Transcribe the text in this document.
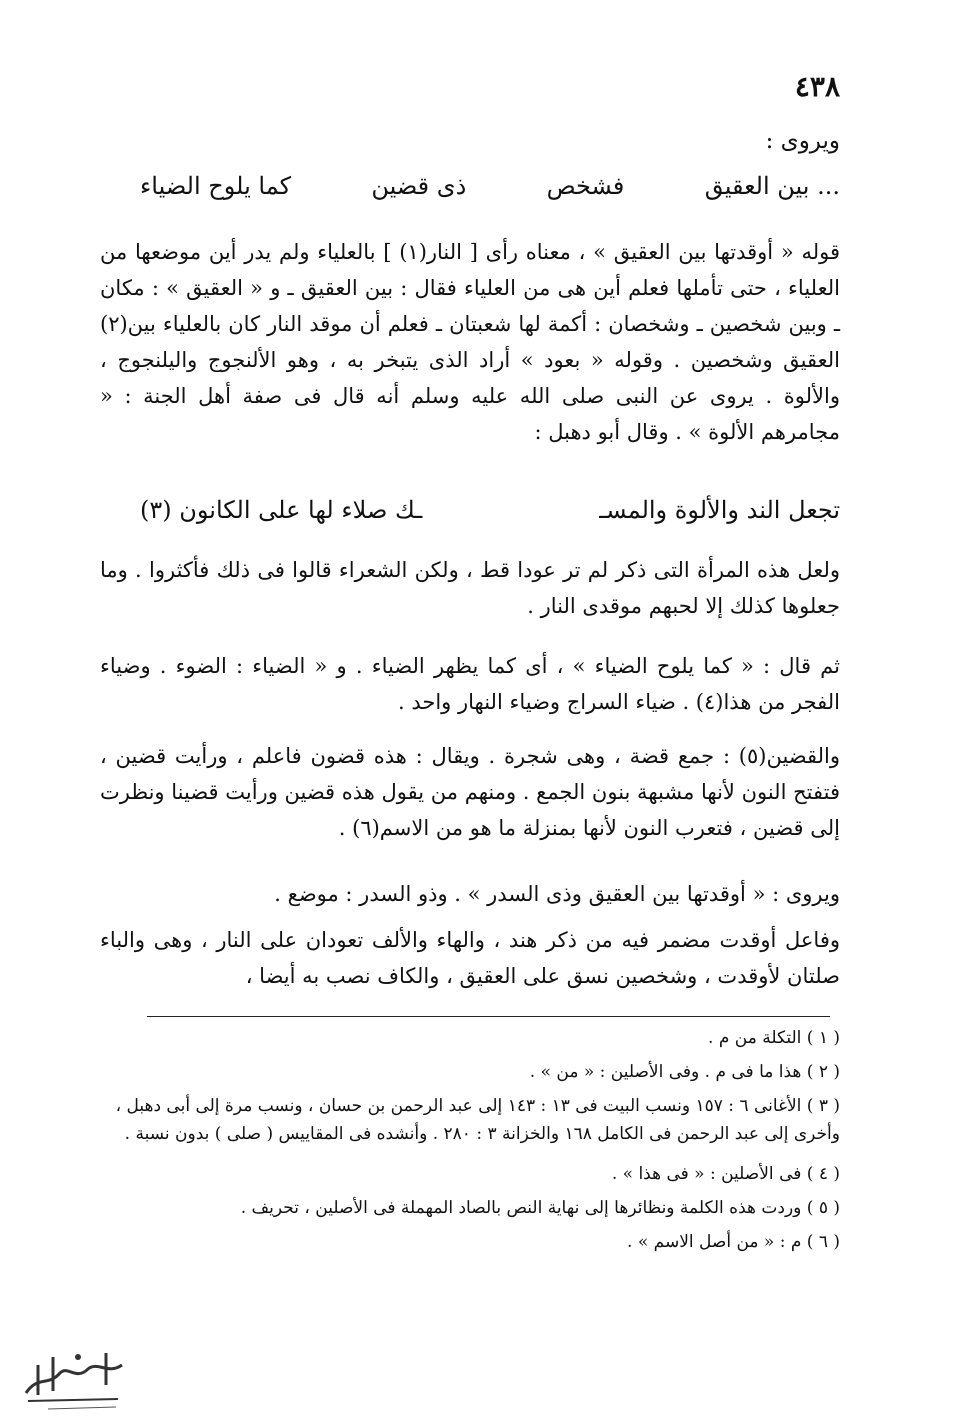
٤٣٨
ويروى :
... بين العقيق
فشخص
ذى قضين
كما يلوح الضياء
قوله « أوقدتها بين العقيق » ، معناه رأى [ النار(١) ] بالعلياء ولم يدر أين موضعها من العلياء ، حتى تأملها فعلم أين هى من العلياء فقال : بين العقيق ـ و « العقيق » : مكان ـ وبين شخصين ـ وشخصان : أكمة لها شعبتان ـ فعلم أن موقد النار كان بالعلياء بين(٢) العقيق وشخصين . وقوله « بعود » أراد الذى يتبخر به ، وهو الألنجوج واليلنجوج ، والألوة . يروى عن النبى صلى الله عليه وسلم أنه قال فى صفة أهل الجنة : « مجامرهم الألوة » . وقال أبو دهبل :
تجعل الند والألوة والمسـ
ـك صلاء لها على الكانون (٣)
ولعل هذه المرأة التى ذكر لم تر عودا قط ، ولكن الشعراء قالوا فى ذلك فأكثروا . وما جعلوها كذلك إلا لحبهم موقدى النار .
ثم قال : « كما يلوح الضياء » ، أى كما يظهر الضياء . و « الضياء : الضوء . وضياء الفجر من هذا(٤) . ضياء السراج وضياء النهار واحد .
والقضين(٥) : جمع قضة ، وهى شجرة . ويقال : هذه قضون فاعلم ، ورأيت قضين ، فتفتح النون لأنها مشبهة بنون الجمع . ومنهم من يقول هذه قضين ورأيت قضينا ونظرت إلى قضين ، فتعرب النون لأنها بمنزلة ما هو من الاسم(٦) .
ويروى : « أوقدتها بين العقيق وذى السدر » . وذو السدر : موضع .
وفاعل أوقدت مضمر فيه من ذكر هند ، والهاء والألف تعودان على النار ، وهى والباء صلتان لأوقدت ، وشخصين نسق على العقيق ، والكاف نصب به أيضا ،
( ١ ) التكلة من م .
( ٢ ) هذا ما فى م . وفى الأصلين : « من » .
( ٣ ) الأغانى ٦ : ١٥٧ ونسب البيت فى ١٣ : ١٤٣ إلى عبد الرحمن بن حسان ، ونسب مرة إلى أبى دهبل ، وأخرى إلى عبد الرحمن فى الكامل ١٦٨ والخزانة ٣ : ٢٨٠ . وأنشده فى المقاييس ( صلى ) بدون نسبة .
( ٤ ) فى الأصلين : « فى هذا » .
( ٥ ) وردت هذه الكلمة ونظائرها إلى نهاية النص بالصاد المهملة فى الأصلين ، تحريف .
( ٦ ) م : « من أصل الاسم » .
